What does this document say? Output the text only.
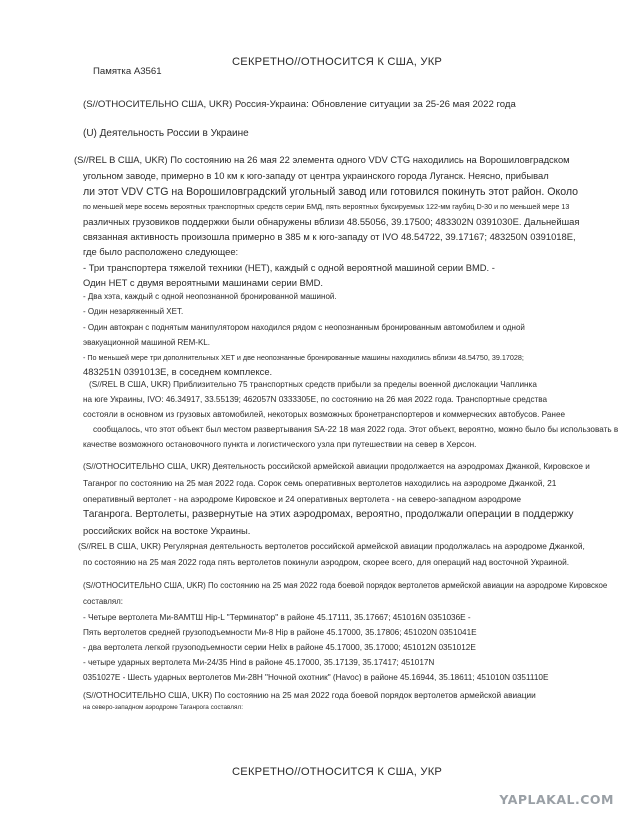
Памятка A3561
СЕКРЕТНО//ОТНОСИТСЯ К США, УКР
(S//ОТНОСИТЕЛЬНО США, UKR) Россия-Украина: Обновление ситуации за 25-26 мая 2022 года
(U) Деятельность России в Украине
(S//REL В США, UKR) По состоянию на 26 мая 22 элемента одного VDV CTG находились на Ворошиловградском
угольном заводе, примерно в 10 км к юго-западу от центра украинского города Луганск. Неясно, прибывал
ли этот VDV CTG на Ворошиловградский угольный завод или готовился покинуть этот район. Около
по меньшей мере восемь вероятных транспортных средств серии БМД, пять вероятных буксируемых 122-мм гаубиц D-30 и по меньшей мере 13
различных грузовиков поддержки были обнаружены вблизи 48.55056, 39.17500; 483302N 0391030E. Дальнейшая
связанная активность произошла примерно в 385 м к юго-западу от IVO 48.54722, 39.17167; 483250N 0391018E,
где было расположено следующее:
- Три транспортера тяжелой техники (НЕТ), каждый с одной вероятной машиной серии BMD. -
Один НЕТ с двумя вероятными машинами серии BMD.
- Два хэта, каждый с одной неопознанной бронированной машиной.
- Один незаряженный ХЕТ.
- Один автокран с поднятым манипулятором находился рядом с неопознанным бронированным автомобилем и одной
эвакуационной машиной REM-KL.
- По меньшей мере три дополнительных ХЕТ и две неопознанные бронированные машины находились вблизи 48.54750, 39.17028;
483251N 0391013E, в соседнем комплексе.
(S//REL В США, UKR) Приблизительно 75 транспортных средств прибыли за пределы военной дислокации Чаплинка
на юге Украины, IVO: 46.34917, 33.55139; 462057N 0333305E, по состоянию на 26 мая 2022 года. Транспортные средства
состояли в основном из грузовых автомобилей, некоторых возможных бронетранспортеров и коммерческих автобусов. Ранее
сообщалось, что этот объект был местом развертывания SA-22 18 мая 2022 года. Этот объект, вероятно, можно было бы использовать в
качестве возможного остановочного пункта и логистического узла при путешествии на север в Херсон.
(S//ОТНОСИТЕЛЬНО США, UKR) Деятельность российской армейской авиации продолжается на аэродромах Джанкой, Кировское и
Таганрог по состоянию на 25 мая 2022 года. Сорок семь оперативных вертолетов находились на аэродроме Джанкой, 21
оперативный вертолет - на аэродроме Кировское и 24 оперативных вертолета - на северо-западном аэродроме
Таганрога. Вертолеты, развернутые на этих аэродромах, вероятно, продолжали операции в поддержку
российских войск на востоке Украины.
(S//REL В США, UKR) Регулярная деятельность вертолетов российской армейской авиации продолжалась на аэродроме Джанкой,
по состоянию на 25 мая 2022 года пять вертолетов покинули аэродром, скорее всего, для операций над восточной Украиной.
(S//ОТНОСИТЕЛЬНО США, UKR) По состоянию на 25 мая 2022 года боевой порядок вертолетов армейской авиации на аэродроме Кировское
составлял:
- Четыре вертолета Ми-8АМТШ Hip-L "Терминатор" в районе 45.17111, 35.17667; 451016N 0351036E -
Пять вертолетов средней грузоподъемности Ми-8 Hip в районе 45.17000, 35.17806; 451020N 0351041E
- два вертолета легкой грузоподъемности серии Helix в районе 45.17000, 35.17000; 451012N 0351012E
- четыре ударных вертолета Ми-24/35 Hind в районе 45.17000, 35.17139, 35.17417; 451017N
0351027E - Шесть ударных вертолетов Ми-28Н "Ночной охотник" (Havoc) в районе 45.16944, 35.18611; 451010N 0351110E
(S//ОТНОСИТЕЛЬНО США, UKR) По состоянию на 25 мая 2022 года боевой порядок вертолетов армейской авиации
на северо-западном аэродроме Таганрога составлял:
СЕКРЕТНО//ОТНОСИТСЯ К США, УКР
YAPLAKAL.COM
